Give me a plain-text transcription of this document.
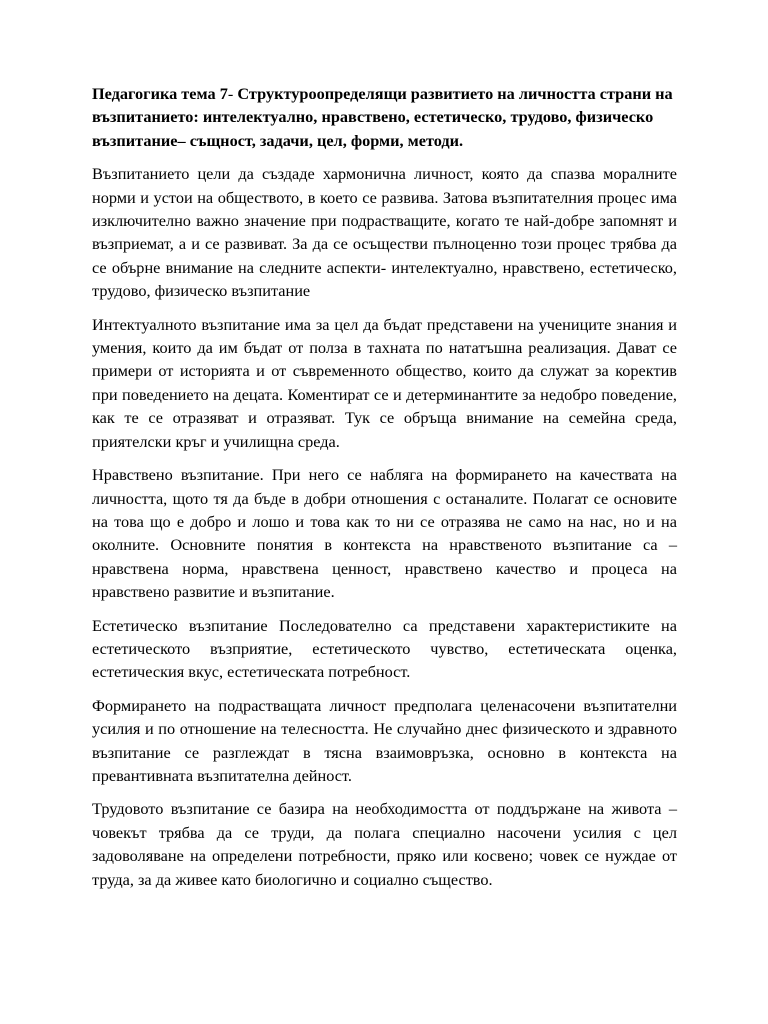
Педагогика тема 7- Структуроопределящи развитието на личността страни на възпитанието: интелектуално, нравствено, естетическо, трудово, физическо възпитание– същност, задачи, цел, форми, методи.

Възпитанието цели да създаде хармонична личност, която да спазва моралните норми и устои на обществото, в което се развива. Затова възпитателния процес има изключително важно значение при подрастващите, когато те най-добре запомнят и възприемат, а и се развиват. За да се осъществи пълноценно този процес трябва да се обърне внимание на следните аспекти- интелектуално, нравствено, естетическо, трудово, физическо възпитание

Интектуалното възпитание има за цел да бъдат представени на учениците знания и умения, които да им бъдат от полза в тахната по нататъшна реализация. Дават се примери от историята и от съвременното общество, които да служат за коректив при поведението на децата. Коментират се и детерминантите за недобро поведение, как те се отразяват и отразяват. Тук се обръща внимание на семейна среда, приятелски кръг и училищна среда.

Нравствено възпитание. При него се набляга на формирането на качествата на личността, щото тя да бъде в добри отношения с останалите. Полагат се основите на това що е добро и лошо и това как то ни се отразява не само на нас, но и на околните. Основните понятия в контекста на нравственото възпитание са – нравствена норма, нравствена ценност, нравствено качество и процеса на нравствено развитие и възпитание.

Естетическо възпитание Последователно са представени характеристиките на естетическото възприятие, естетическото чувство, естетическата оценка, естетическия вкус, естетическата потребност.

Формирането на подрастващата личност предполага целенасочени възпитателни усилия и по отношение на телесността. Не случайно днес физическото и здравното възпитание се разглеждат в тясна взаимовръзка, основно в контекста на превантивната възпитателна дейност.

Трудовото възпитание се базира на необходимостта от поддържане на живота – човекът трябва да се труди, да полага специално насочени усилия с цел задоволяване на определени потребности, пряко или косвено; човек се нуждае от труда, за да живее като биологично и социално същество.
